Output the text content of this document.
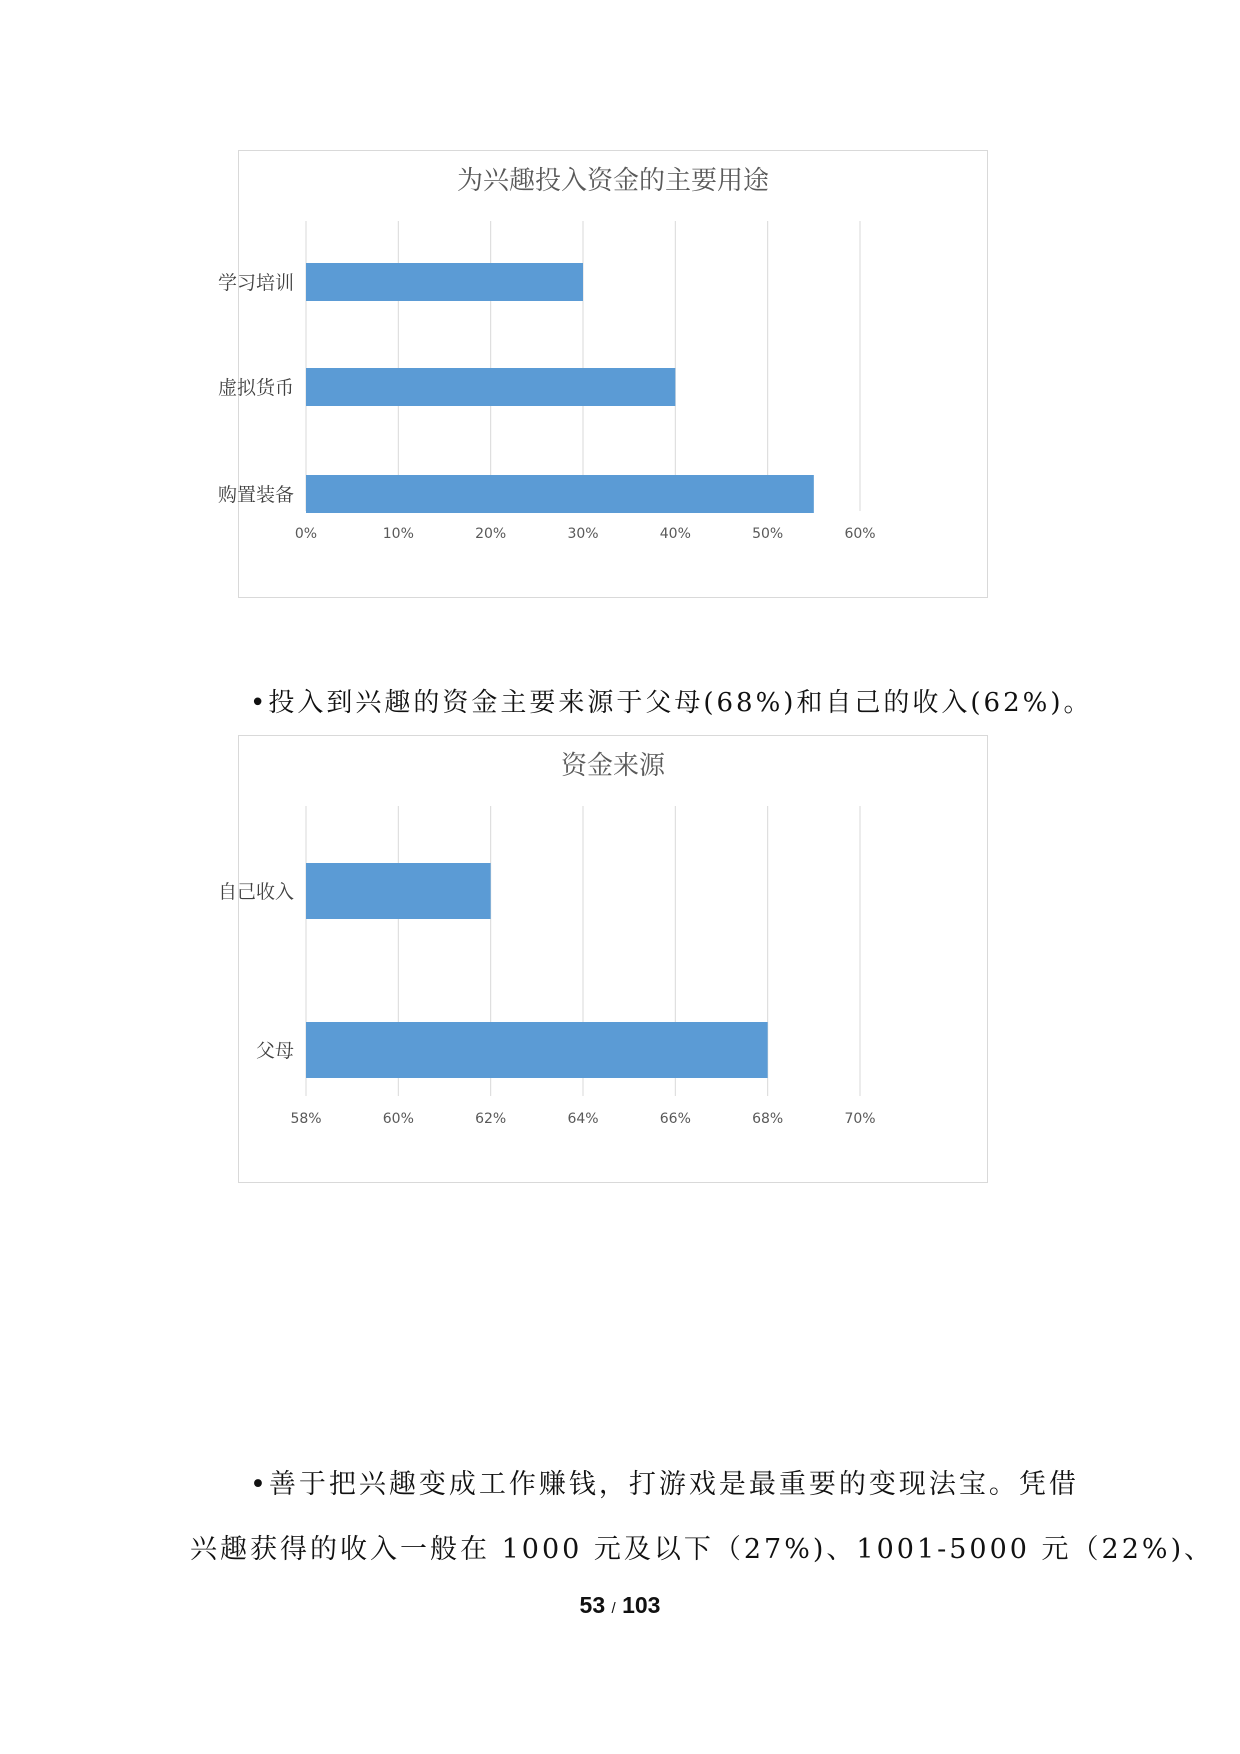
为兴趣投入资金的主要用途
0%	10%	20%	30%	40%	50%	60%
学习培训
虚拟货币
购置装备
•投入到兴趣的资金主要来源于父母(68%)和自己的收入(62%)。
资金来源
58%	60%	62%	64%	66%	68%	70%
自己收入
父母
•善于把兴趣变成工作赚钱，打游戏是最重要的变现法宝。凭借
兴趣获得的收入一般在 1000 元及以下（27%)、1001-5000 元（22%)、
53 / 103
